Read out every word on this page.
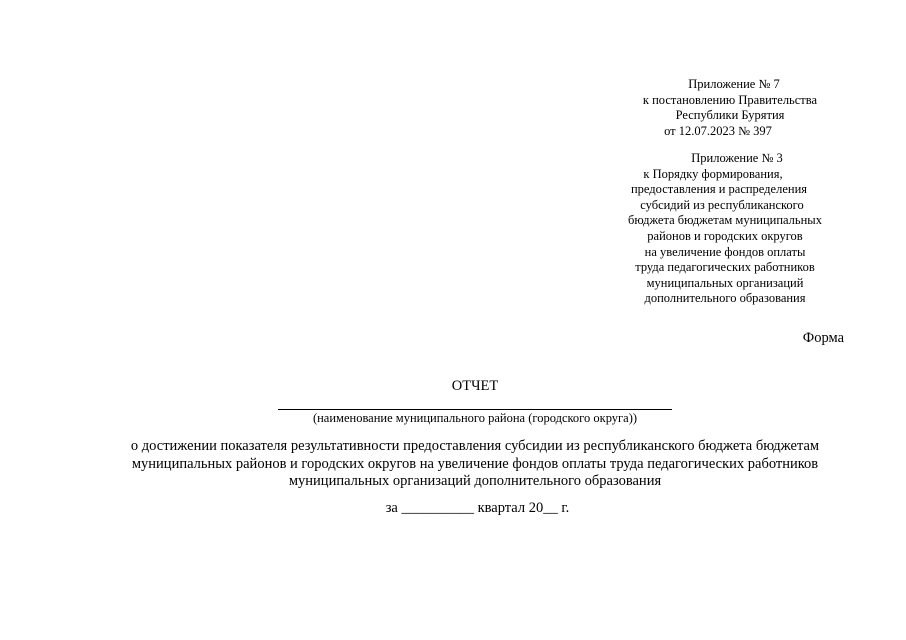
Приложение № 7
к постановлению Правительства
Республики Бурятия
от 12.07.2023 № 397
Приложение № 3
к Порядку формирования,
предоставления и распределения
субсидий из республиканского
бюджета бюджетам муниципальных
районов и городских округов
на увеличение фондов оплаты
труда педагогических работников
муниципальных организаций
дополнительного образования
Форма
ОТЧЕТ
(наименование муниципального района (городского округа))
о достижении показателя результативности предоставления субсидии из республиканского бюджета бюджетам
муниципальных районов и городских округов на увеличение фондов оплаты труда педагогических работников
муниципальных организаций дополнительного образования
за __________ квартал 20__ г.
